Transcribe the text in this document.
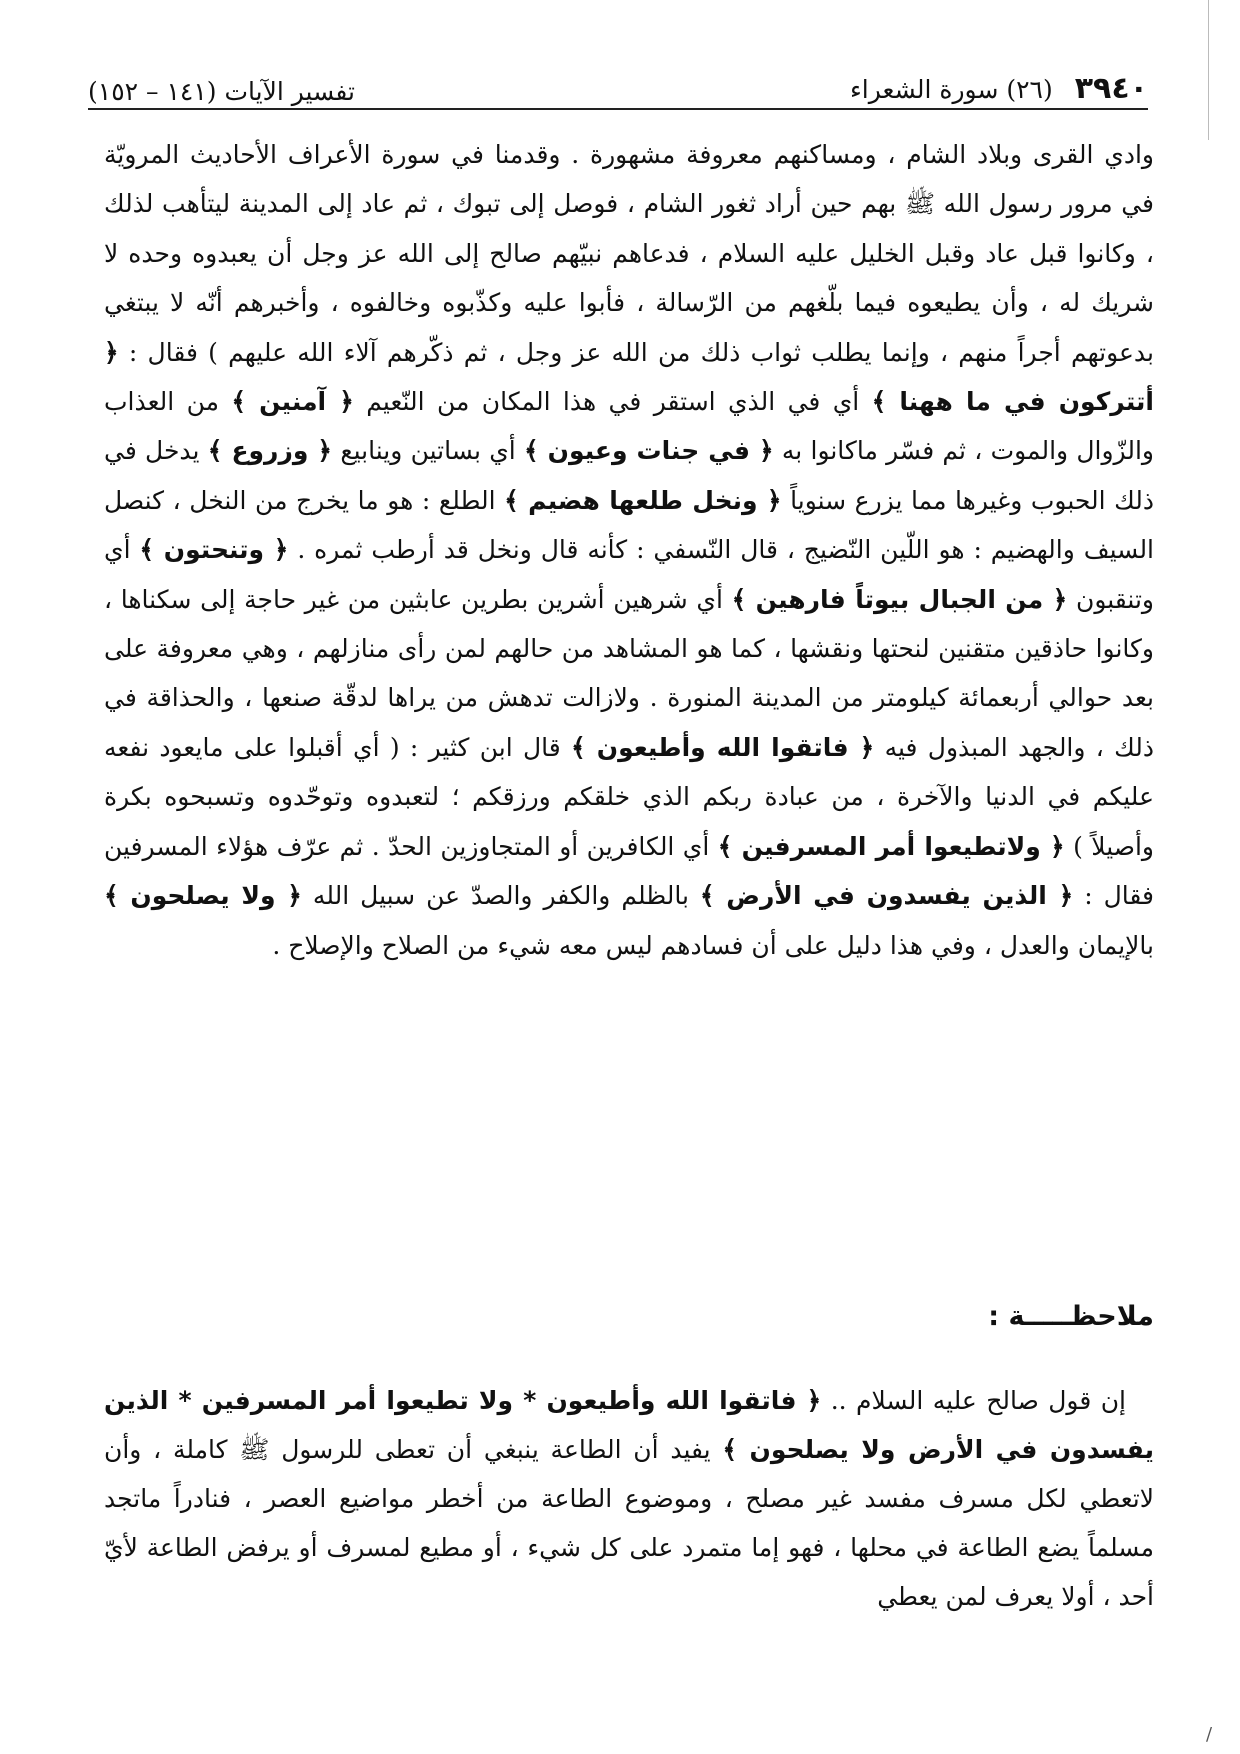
٣٩٤٠
(٢٦) سورة الشعراء
تفسير الآيات (١٤١ – ١٥٢)

وادي القرى وبلاد الشام ، ومساكنهم معروفة مشهورة . وقدمنا في سورة الأعراف الأحاديث المرويّة في مرور رسول الله ﷺ بهم حين أراد ثغور الشام ، فوصل إلى تبوك ، ثم عاد إلى المدينة ليتأهب لذلك ، وكانوا قبل عاد وقبل الخليل عليه السلام ، فدعاهم نبيّهم صالح إلى الله عز وجل أن يعبدوه وحده لا شريك له ، وأن يطيعوه فيما بلّغهم من الرّسالة ، فأبوا عليه وكذّبوه وخالفوه ، وأخبرهم أنّه لا يبتغي بدعوتهم أجراً منهم ، وإنما يطلب ثواب ذلك من الله عز وجل ، ثم ذكّرهم آلاء الله عليهم ) فقال : ﴿ أتتركون في ما ههنا ﴾ أي في الذي استقر في هذا المكان من النّعيم ﴿ آمنين ﴾ من العذاب والزّوال والموت ، ثم فسّر ماكانوا به ﴿ في جنات وعيون ﴾ أي بساتين وينابيع ﴿ وزروع ﴾ يدخل في ذلك الحبوب وغيرها مما يزرع سنوياً ﴿ ونخل طلعها هضيم ﴾ الطلع : هو ما يخرج من النخل ، كنصل السيف والهضيم : هو اللّين النّضيج ، قال النّسفي : كأنه قال ونخل قد أرطب ثمره . ﴿ وتنحتون ﴾ أي وتنقبون ﴿ من الجبال بيوتاً فارهين ﴾ أي شرهين أشرين بطرين عابثين من غير حاجة إلى سكناها ، وكانوا حاذقين متقنين لنحتها ونقشها ، كما هو المشاهد من حالهم لمن رأى منازلهم ، وهي معروفة على بعد حوالي أربعمائة كيلومتر من المدينة المنورة . ولازالت تدهش من يراها لدقّة صنعها ، والحذاقة في ذلك ، والجهد المبذول فيه ﴿ فاتقوا الله وأطيعون ﴾ قال ابن كثير : ( أي أقبلوا على مايعود نفعه عليكم في الدنيا والآخرة ، من عبادة ربكم الذي خلقكم ورزقكم ؛ لتعبدوه وتوحّدوه وتسبحوه بكرة وأصيلاً ) ﴿ ولاتطيعوا أمر المسرفين ﴾ أي الكافرين أو المتجاوزين الحدّ . ثم عرّف هؤلاء المسرفين فقال : ﴿ الذين يفسدون في الأرض ﴾ بالظلم والكفر والصدّ عن سبيل الله ﴿ ولا يصلحون ﴾ بالإيمان والعدل ، وفي هذا دليل على أن فسادهم ليس معه شيء من الصلاح والإصلاح .

ملاحظـــــة :

إن قول صالح عليه السلام .. ﴿ فاتقوا الله وأطيعون * ولا تطيعوا أمر المسرفين * الذين يفسدون في الأرض ولا يصلحون ﴾ يفيد أن الطاعة ينبغي أن تعطى للرسول ﷺ كاملة ، وأن لاتعطي لكل مسرف مفسد غير مصلح ، وموضوع الطاعة من أخطر مواضيع العصر ، فنادراً ماتجد مسلماً يضع الطاعة في محلها ، فهو إما متمرد على كل شيء ، أو مطيع لمسرف أو يرفض الطاعة لأيّ أحد ، أولا يعرف لمن يعطي

/
